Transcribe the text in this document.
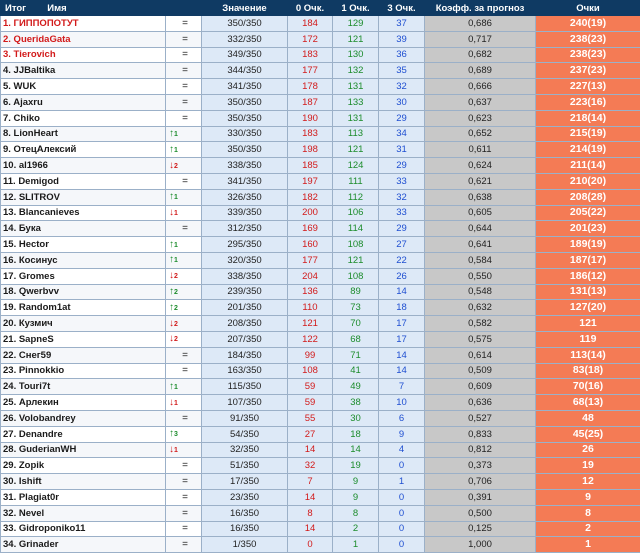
Итог Имя		Значение	0 Очк.	1 Очк.	3 Очк.	Коэфф. за прогноз	Очки
1. ГИППОПОТУТ	=	350/350	184	129	37	0,686	240(19)
2. QueridaGata	=	332/350	172	121	39	0,717	238(23)
3. Tierovich	=	349/350	183	130	36	0,682	238(23)
4. JJBaltika	=	344/350	177	132	35	0,689	237(23)
5. WUK	=	341/350	178	131	32	0,666	227(13)
6. Ajaxru	=	350/350	187	133	30	0,637	223(16)
7. Chiko	=	350/350	190	131	29	0,623	218(14)
8. LionHeart	↑1	330/350	183	113	34	0,652	215(19)
9. ОтецАлексий	↑1	350/350	198	121	31	0,611	214(19)
10. al1966	↓2	338/350	185	124	29	0,624	211(14)
11. Demigod	=	341/350	197	111	33	0,621	210(20)
12. SLITROV	↑1	326/350	182	112	32	0,638	208(28)
13. Blancanieves	↓1	339/350	200	106	33	0,605	205(22)
14. Бука	=	312/350	169	114	29	0,644	201(23)
15. Hector	↑1	295/350	160	108	27	0,641	189(19)
16. Косинус	↑1	320/350	177	121	22	0,584	187(17)
17. Gromes	↓2	338/350	204	108	26	0,550	186(12)
18. Qwerbvv	↑2	239/350	136	89	14	0,548	131(13)
19. Random1at	↑2	201/350	110	73	18	0,632	127(20)
20. Кузмич	↓2	208/350	121	70	17	0,582	121
21. SapneS	↓2	207/350	122	68	17	0,575	119
22. Снег59	=	184/350	99	71	14	0,614	113(14)
23. Pinnokkio	=	163/350	108	41	14	0,509	83(18)
24. Touri7t	↑1	115/350	59	49	7	0,609	70(16)
25. Арлекин	↓1	107/350	59	38	10	0,636	68(13)
26. Volobandrey	=	91/350	55	30	6	0,527	48
27. Denandre	↑3	54/350	27	18	9	0,833	45(25)
28. GuderianWH	↓1	32/350	14	14	4	0,812	26
29. Zopik	=	51/350	32	19	0	0,373	19
30. Ishift	=	17/350	7	9	1	0,706	12
31. Plagiat0r	=	23/350	14	9	0	0,391	9
32. Nevel	=	16/350	8	8	0	0,500	8
33. Gidroponiko11	=	16/350	14	2	0	0,125	2
34. Grinader	=	1/350	0	1	0	1,000	1
